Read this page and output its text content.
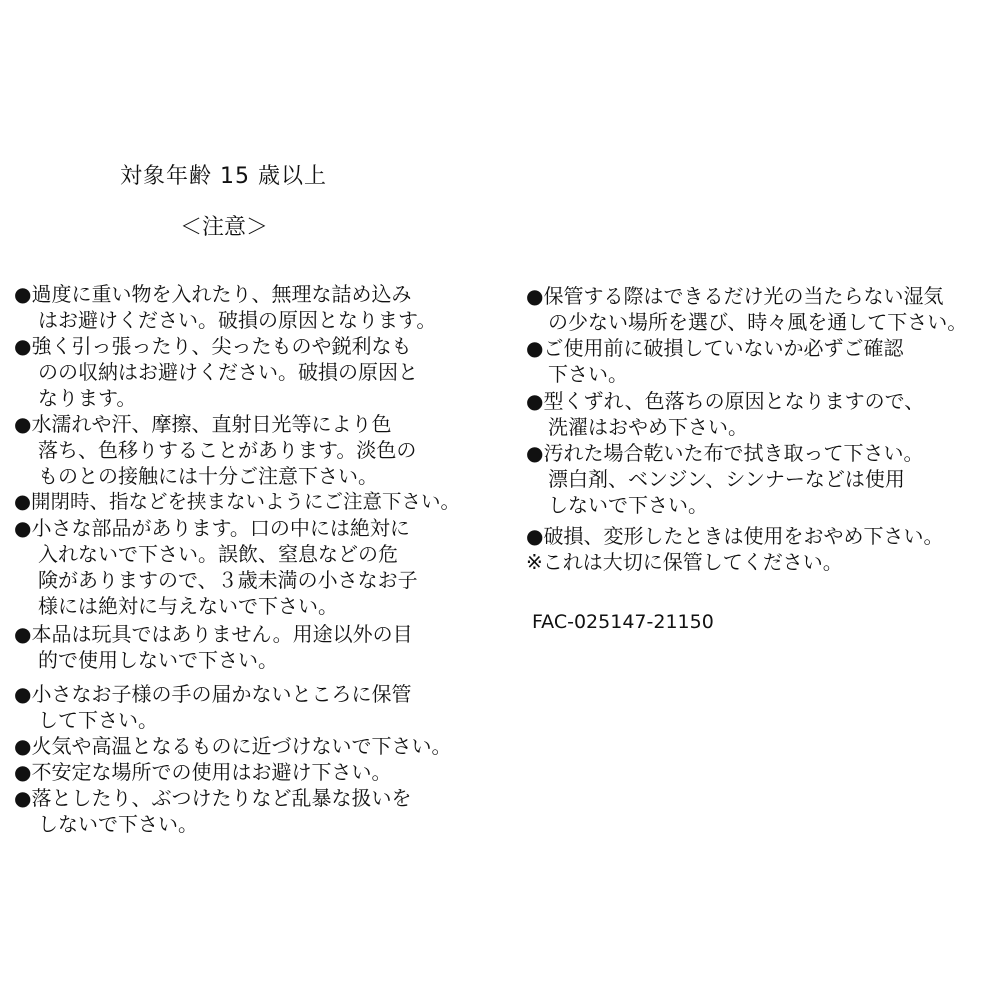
対象年齢 15 歳以上
＜注意＞
●過度に重い物を入れたり、無理な詰め込み
はお避けください。破損の原因となります。
●強く引っ張ったり、尖ったものや鋭利なも
のの収納はお避けください。破損の原因と
なります。
●水濡れや汗、摩擦、直射日光等により色
落ち、色移りすることがあります。淡色の
ものとの接触には十分ご注意下さい。
●開閉時、指などを挟まないようにご注意下さい。
●小さな部品があります。口の中には絶対に
入れないで下さい。誤飲、窒息などの危
険がありますので、３歳未満の小さなお子
様には絶対に与えないで下さい。
●本品は玩具ではありません。用途以外の目
的で使用しないで下さい。
●小さなお子様の手の届かないところに保管
して下さい。
●火気や高温となるものに近づけないで下さい。
●不安定な場所での使用はお避け下さい。
●落としたり、ぶつけたりなど乱暴な扱いを
しないで下さい。
●保管する際はできるだけ光の当たらない湿気
の少ない場所を選び、時々風を通して下さい。
●ご使用前に破損していないか必ずご確認
下さい。
●型くずれ、色落ちの原因となりますので、
洗濯はおやめ下さい。
●汚れた場合乾いた布で拭き取って下さい。
漂白剤、ベンジン、シンナーなどは使用
しないで下さい。
●破損、変形したときは使用をおやめ下さい。
※これは大切に保管してください。
FAC-025147-21150
